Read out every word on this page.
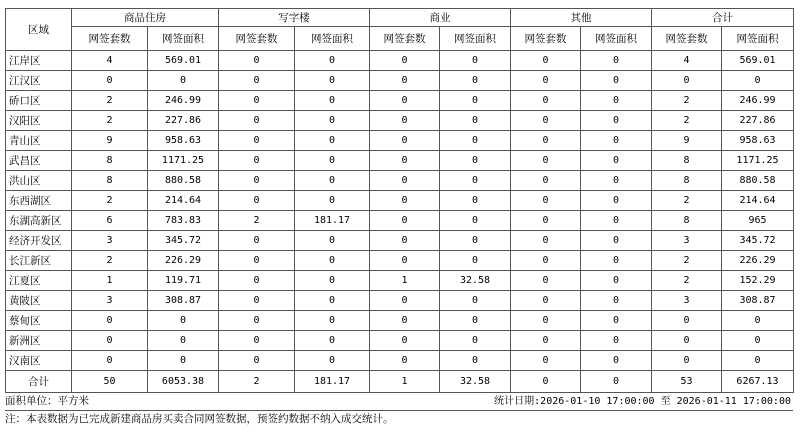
区域	商品住房		写字楼		商业		其他		合计	
	网签套数	网签面积	网签套数	网签面积	网签套数	网签面积	网签套数	网签面积	网签套数	网签面积
江岸区	4	569.01	0	0	0	0	0	0	4	569.01
江汉区	0	0	0	0	0	0	0	0	0	0
硚口区	2	246.99	0	0	0	0	0	0	2	246.99
汉阳区	2	227.86	0	0	0	0	0	0	2	227.86
青山区	9	958.63	0	0	0	0	0	0	9	958.63
武昌区	8	1171.25	0	0	0	0	0	0	8	1171.25
洪山区	8	880.58	0	0	0	0	0	0	8	880.58
东西湖区	2	214.64	0	0	0	0	0	0	2	214.64
东湖高新区	6	783.83	2	181.17	0	0	0	0	8	965
经济开发区	3	345.72	0	0	0	0	0	0	3	345.72
长江新区	2	226.29	0	0	0	0	0	0	2	226.29
江夏区	1	119.71	0	0	1	32.58	0	0	2	152.29
黄陂区	3	308.87	0	0	0	0	0	0	3	308.87
蔡甸区	0	0	0	0	0	0	0	0	0	0
新洲区	0	0	0	0	0	0	0	0	0	0
汉南区	0	0	0	0	0	0	0	0	0	0
合计	50	6053.38	2	181.17	1	32.58	0	0	53	6267.13
面积单位：平方米	统计日期:2026-01-10 17:00:00 至 2026-01-11 17:00:00
注：本表数据为已完成新建商品房买卖合同网签数据，预签约数据不纳入成交统计。
